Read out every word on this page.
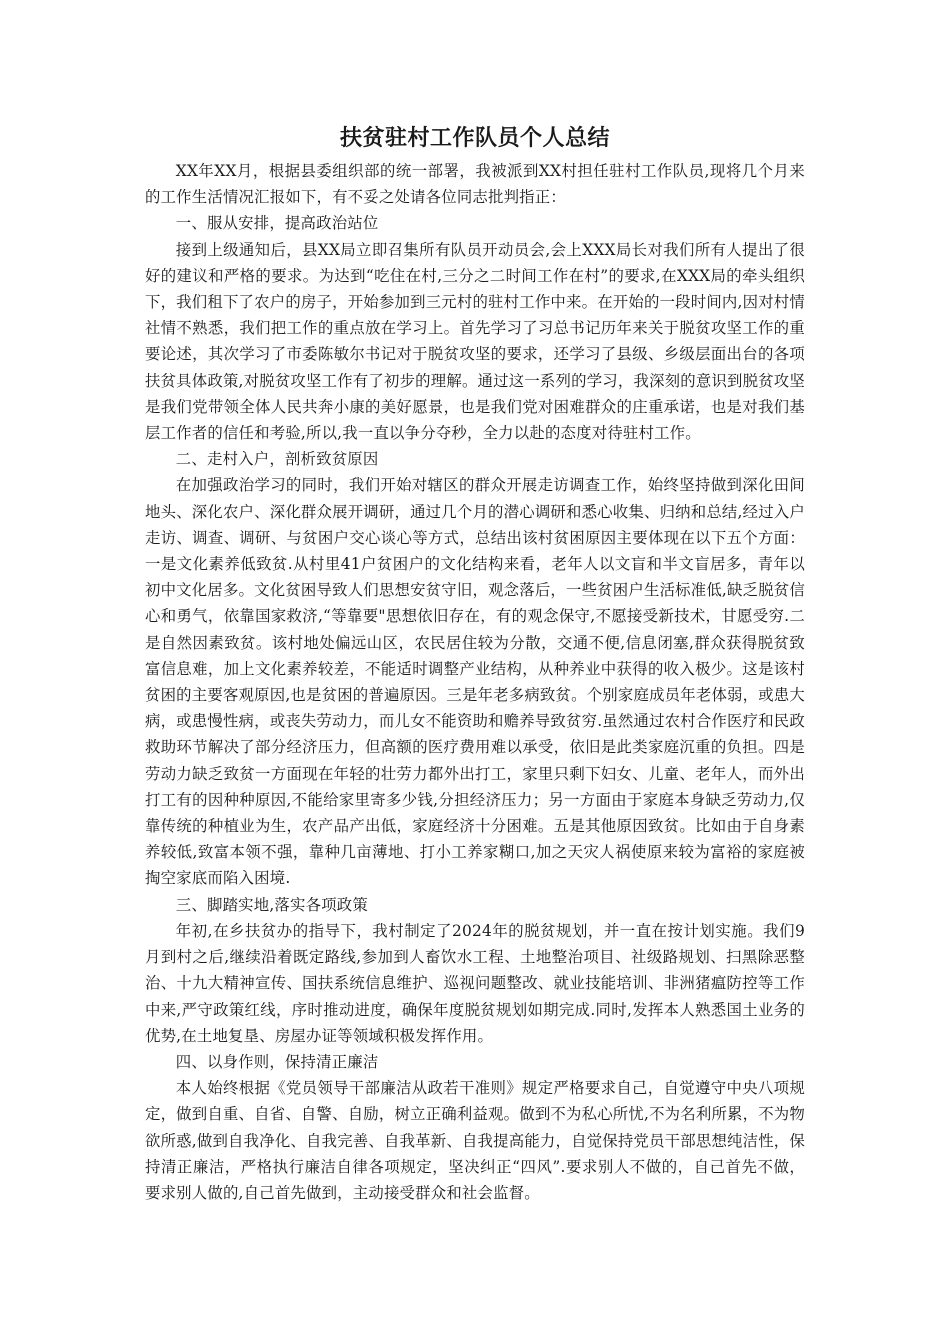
扶贫驻村工作队员个人总结

XX年XX月，根据县委组织部的统一部署，我被派到XX村担任驻村工作队员,现将几个月来的工作生活情况汇报如下，有不妥之处请各位同志批判指正：

一、服从安排，提高政治站位

接到上级通知后，县XX局立即召集所有队员开动员会,会上XXX局长对我们所有人提出了很好的建议和严格的要求。为达到“吃住在村,三分之二时间工作在村”的要求,在XXX局的牵头组织下，我们租下了农户的房子，开始参加到三元村的驻村工作中来。在开始的一段时间内,因对村情社情不熟悉，我们把工作的重点放在学习上。首先学习了习总书记历年来关于脱贫攻坚工作的重要论述，其次学习了市委陈敏尔书记对于脱贫攻坚的要求，还学习了县级、乡级层面出台的各项扶贫具体政策,对脱贫攻坚工作有了初步的理解。通过这一系列的学习，我深刻的意识到脱贫攻坚是我们党带领全体人民共奔小康的美好愿景，也是我们党对困难群众的庄重承诺，也是对我们基层工作者的信任和考验,所以,我一直以争分夺秒，全力以赴的态度对待驻村工作。

二、走村入户，剖析致贫原因

在加强政治学习的同时，我们开始对辖区的群众开展走访调查工作，始终坚持做到深化田间地头、深化农户、深化群众展开调研，通过几个月的潜心调研和悉心收集、归纳和总结,经过入户走访、调查、调研、与贫困户交心谈心等方式，总结出该村贫困原因主要体现在以下五个方面：一是文化素养低致贫.从村里41户贫困户的文化结构来看，老年人以文盲和半文盲居多，青年以初中文化居多。文化贫困导致人们思想安贫守旧，观念落后，一些贫困户生活标准低,缺乏脱贫信心和勇气，依靠国家救济,“等靠要"思想依旧存在，有的观念保守,不愿接受新技术，甘愿受穷.二是自然因素致贫。该村地处偏远山区，农民居住较为分散，交通不便,信息闭塞,群众获得脱贫致富信息难，加上文化素养较差，不能适时调整产业结构，从种养业中获得的收入极少。这是该村贫困的主要客观原因,也是贫困的普遍原因。三是年老多病致贫。个别家庭成员年老体弱，或患大病，或患慢性病，或丧失劳动力，而儿女不能资助和赡养导致贫穷.虽然通过农村合作医疗和民政救助环节解决了部分经济压力，但高额的医疗费用难以承受，依旧是此类家庭沉重的负担。四是劳动力缺乏致贫一方面现在年轻的壮劳力都外出打工，家里只剩下妇女、儿童、老年人，而外出打工有的因种种原因,不能给家里寄多少钱,分担经济压力；另一方面由于家庭本身缺乏劳动力,仅靠传统的种植业为生，农产品产出低，家庭经济十分困难。五是其他原因致贫。比如由于自身素养较低,致富本领不强，靠种几亩薄地、打小工养家糊口,加之天灾人祸使原来较为富裕的家庭被掏空家底而陷入困境.

三、脚踏实地,落实各项政策

年初,在乡扶贫办的指导下，我村制定了2024年的脱贫规划，并一直在按计划实施。我们9月到村之后,继续沿着既定路线,参加到人畜饮水工程、土地整治项目、社级路规划、扫黑除恶整治、十九大精神宣传、国扶系统信息维护、巡视问题整改、就业技能培训、非洲猪瘟防控等工作中来,严守政策红线，序时推动进度，确保年度脱贫规划如期完成.同时,发挥本人熟悉国土业务的优势,在土地复垦、房屋办证等领域积极发挥作用。

四、以身作则，保持清正廉洁

本人始终根据《党员领导干部廉洁从政若干准则》规定严格要求自己，自觉遵守中央八项规定，做到自重、自省、自警、自励，树立正确利益观。做到不为私心所忧,不为名利所累，不为物欲所惑,做到自我净化、自我完善、自我革新、自我提高能力，自觉保持党员干部思想纯洁性，保持清正廉洁，严格执行廉洁自律各项规定，坚决纠正“四风”.要求别人不做的，自己首先不做，要求别人做的,自己首先做到，主动接受群众和社会监督。
